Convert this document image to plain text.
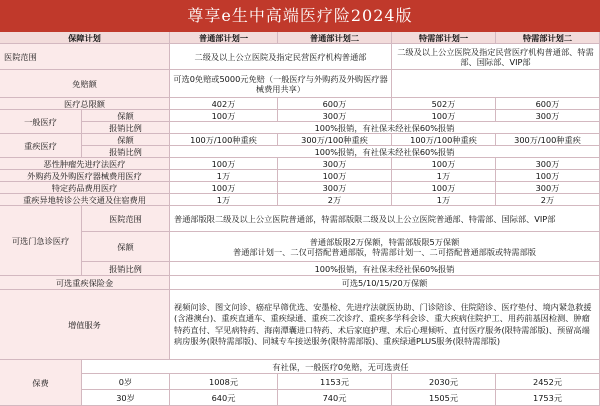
尊享e生中高端医疗险2024版
保障计划	普通部计划一	普通部计划二	特需部计划一	特需部计划二
医院范围	二级及以上公立医院及指定民营医疗机构普通部	二级及以上公立医院及指定民营医疗机构普通部、特需部、国际部、VIP部
免赔额	可选0免赔或5000元免赔（一般医疗与外购药及外购医疗器械费用共享）
医疗总限额	402万	600万	502万	600万
一般医疗
保额	100万	300万	100万	300万
报销比例	100%报销，有社保未经社保60%报销
重疾医疗
保额	100万/100种重疾	300万/100种重疾	100万/100种重疾	300万/100种重疾
报销比例	100%报销，有社保未经社保60%报销
恶性肿瘤先进疗法医疗	100万	300万	100万	300万
外购药及外购医疗器械费用医疗	1万	100万	1万	100万
特定药品费用医疗	100万	300万	100万	300万
重疾异地转诊公共交通及住宿费用	1万	2万	1万	2万
可选门急诊医疗
医院范围	普通部版限二级及以上公立医院普通部，特需部版限二级及以上公立医院普通部、特需部、国际部、VIP部
保额	普通部版限2万保额，特需部版限5万保额
普通部计划一、二仅可搭配普通部版，特需部计划一、二可搭配普通部版或特需部版
报销比例	100%报销，有社保未经社保60%报销
可选重疾保险金	可选5/10/15/20万保额
增值服务
视频问诊、图文问诊、癌症早筛优选、安墨检、先进疗法就医协助、门诊陪诊、住院陪诊、医疗垫付、境内紧急救援(含港澳台)、重疾直通车、重疾绿通、重疾二次诊疗、重疾多学科会诊、重大疾病住院护工、用药前基因检测、肿瘤特药直付、罕见病特药、海南潭囊进口特药、术后家庭护理、术后心理倾听、直付医疗服务(限特需部版)、预留高端病房服务(限特需部版)、同城专车接送服务(限特需部版)、重疾绿通PLUS服务(限特需部版)
保费
有社保，一般医疗0免赔，无可选责任
0岁	1008元	1153元	2030元	2452元
30岁	640元	740元	1505元	1753元
